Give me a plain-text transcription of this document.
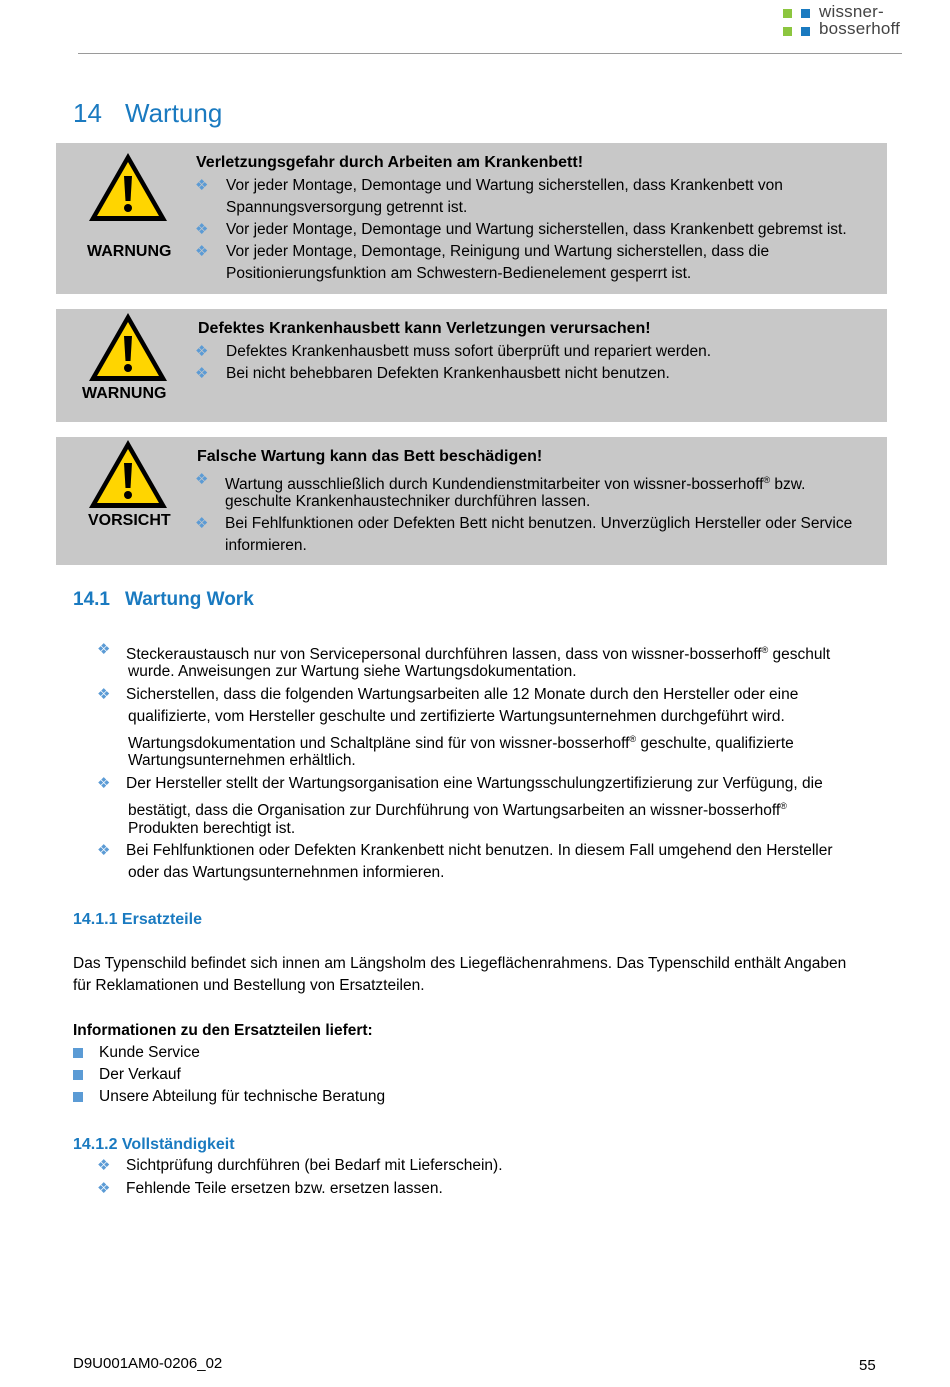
wissner-
bosserhoff
14 Wartung
WARNUNG
Verletzungsgefahr durch Arbeiten am Krankenbett!
❖ Vor jeder Montage, Demontage und Wartung sicherstellen, dass Krankenbett von
Spannungsversorgung getrennt ist.
❖ Vor jeder Montage, Demontage und Wartung sicherstellen, dass Krankenbett gebremst ist.
❖ Vor jeder Montage, Demontage, Reinigung und Wartung sicherstellen, dass die
Positionierungsfunktion am Schwestern-Bedienelement gesperrt ist.
WARNUNG
Defektes Krankenhausbett kann Verletzungen verursachen!
❖ Defektes Krankenhausbett muss sofort überprüft und repariert werden.
❖ Bei nicht behebbaren Defekten Krankenhausbett nicht benutzen.
VORSICHT
Falsche Wartung kann das Bett beschädigen!
❖ Wartung ausschließlich durch Kundendienstmitarbeiter von wissner-bosserhoff® bzw.
geschulte Krankenhaustechniker durchführen lassen.
❖ Bei Fehlfunktionen oder Defekten Bett nicht benutzen. Unverzüglich Hersteller oder Service
informieren.
14.1 Wartung Work
❖ Steckeraustausch nur von Servicepersonal durchführen lassen, dass von wissner-bosserhoff® geschult
wurde. Anweisungen zur Wartung siehe Wartungsdokumentation.
❖ Sicherstellen, dass die folgenden Wartungsarbeiten alle 12 Monate durch den Hersteller oder eine
qualifizierte, vom Hersteller geschulte und zertifizierte Wartungsunternehmen durchgeführt wird.
Wartungsdokumentation und Schaltpläne sind für von wissner-bosserhoff® geschulte, qualifizierte
Wartungsunternehmen erhältlich.
❖ Der Hersteller stellt der Wartungsorganisation eine Wartungsschulungzertifizierung zur Verfügung, die
bestätigt, dass die Organisation zur Durchführung von Wartungsarbeiten an wissner-bosserhoff®
Produkten berechtigt ist.
❖ Bei Fehlfunktionen oder Defekten Krankenbett nicht benutzen. In diesem Fall umgehend den Hersteller
oder das Wartungsunternehnmen informieren.
14.1.1 Ersatzteile
Das Typenschild befindet sich innen am Längsholm des Liegeflächenrahmens. Das Typenschild enthält Angaben
für Reklamationen und Bestellung von Ersatzteilen.
Informationen zu den Ersatzteilen liefert:
Kunde Service
Der Verkauf
Unsere Abteilung für technische Beratung
14.1.2 Vollständigkeit
❖ Sichtprüfung durchführen (bei Bedarf mit Lieferschein).
❖ Fehlende Teile ersetzen bzw. ersetzen lassen.
D9U001AM0-0206_02	55
